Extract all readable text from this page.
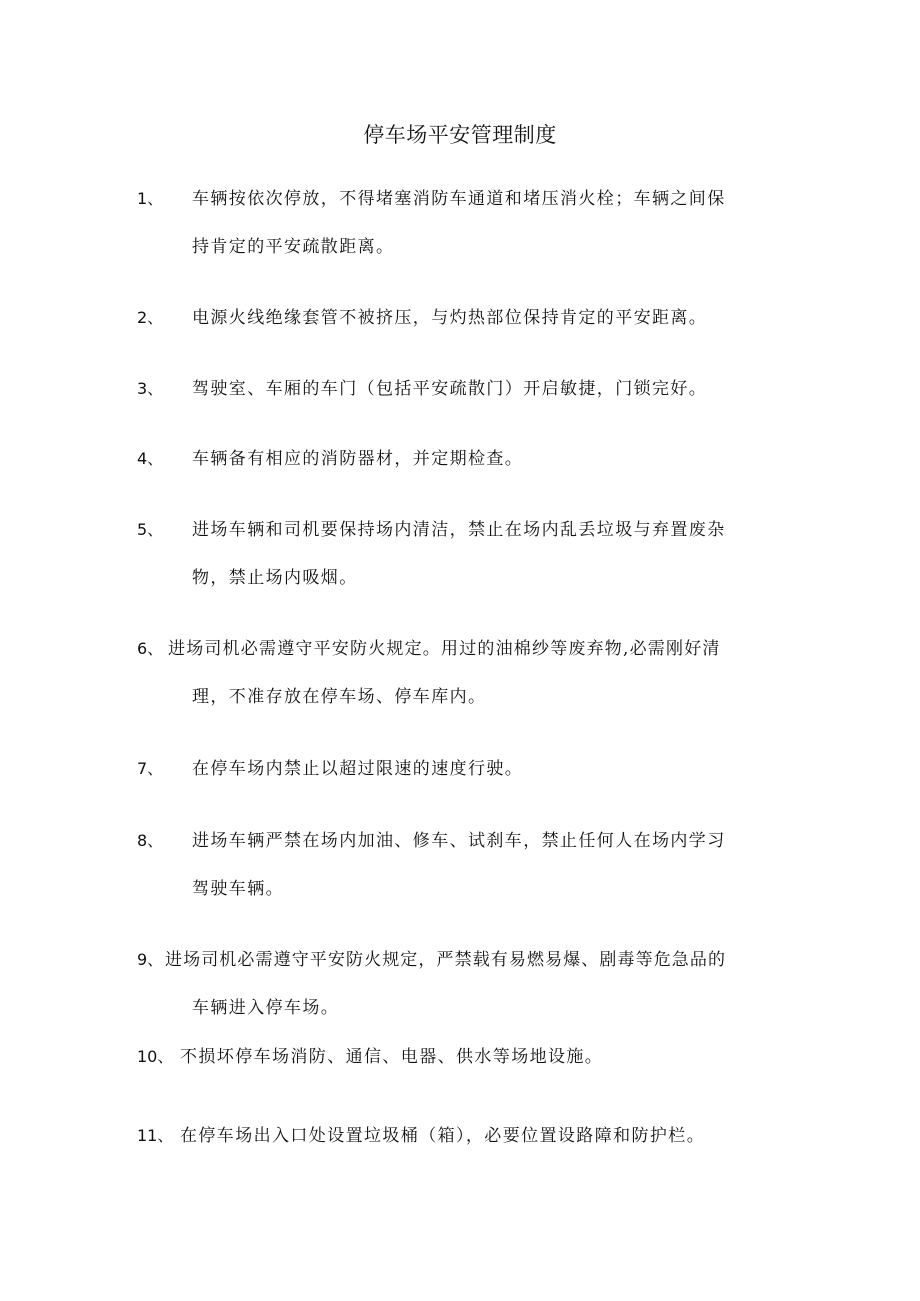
停车场平安管理制度
1、 车辆按依次停放，不得堵塞消防车通道和堵压消火栓；车辆之间保
持肯定的平安疏散距离。
2、 电源火线绝缘套管不被挤压，与灼热部位保持肯定的平安距离。
3、 驾驶室、车厢的车门（包括平安疏散门）开启敏捷，门锁完好。
4、 车辆备有相应的消防器材，并定期检查。
5、 进场车辆和司机要保持场内清洁，禁止在场内乱丢垃圾与弃置废杂
物，禁止场内吸烟。
6、 进场司机必需遵守平安防火规定。用过的油棉纱等废弃物,必需刚好清
理，不准存放在停车场、停车库内。
7、 在停车场内禁止以超过限速的速度行驶。
8、 进场车辆严禁在场内加油、修车、试刹车，禁止任何人在场内学习
驾驶车辆。
9、 进场司机必需遵守平安防火规定，严禁载有易燃易爆、剧毒等危急品的
车辆进入停车场。
10、 不损坏停车场消防、通信、电器、供水等场地设施。
11、 在停车场出入口处设置垃圾桶（箱），必要位置设路障和防护栏。
